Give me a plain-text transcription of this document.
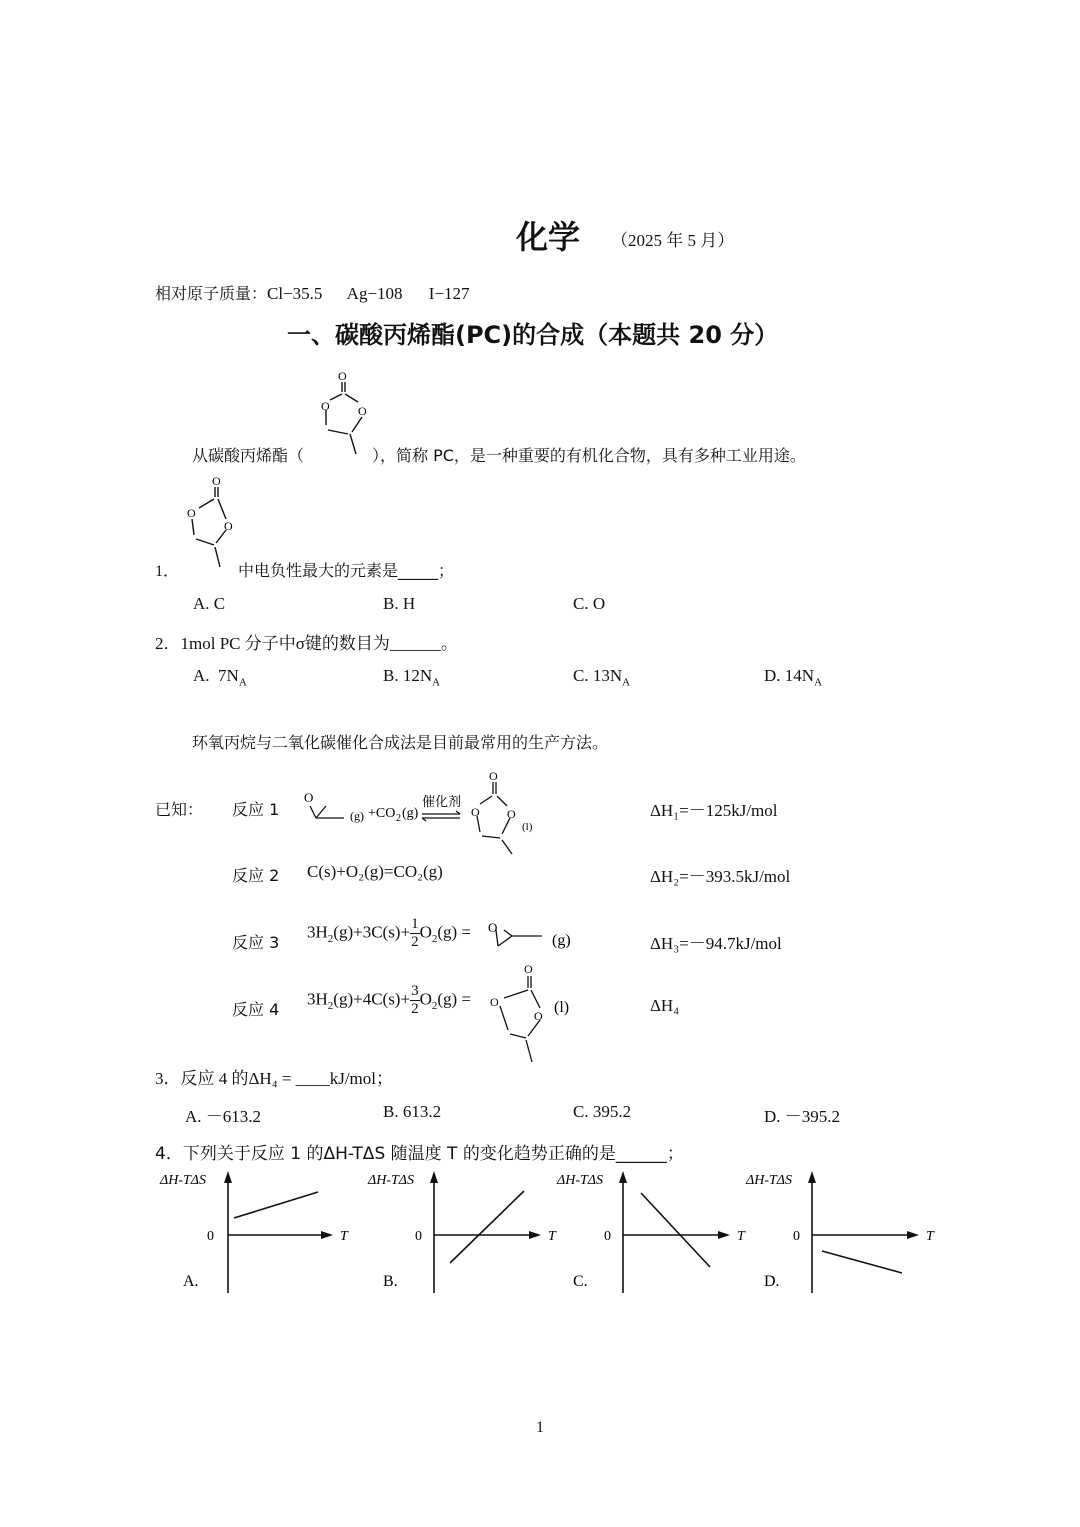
化学 （2025 年 5 月）
相对原子质量：Cl−35.5 Ag−108 I−127
一、碳酸丙烯酯(PC)的合成（本题共 20 分）
O
O O
从碳酸丙烯酯（	），简称 PC，是一种重要的有机化合物，具有多种工业用途。
O
O
O
1．	中电负性最大的元素是_____；
A. C	B. H	C. O
2．1mol PC 分子中σ键的数目为______。
A. $7N_A$	B. $12N_A$	C. $13N_A$	D. $14N_A$
环氧丙烷与二氧化碳催化合成法是目前最常用的生产方法。
已知： 反应 1
O
(g) +CO 2 (g)
催化剂
O
O O
(l)
ΔH₁=－125kJ/mol
反应 2 C(s)+O₂(g)=CO₂(g)	ΔH₂=－393.5kJ/mol
反应 3
$3H_2(g)+3C(s)+ \frac{1}{2} O_2(g) = O$
(g)	ΔH₃=－94.7kJ/mol
反应 4
$3H_2(g)+4C(s)+ \frac{3}{2} O_2(g)$ =
O
O
O (l)	ΔH₄
3．反应 4 的ΔH₄ = ____kJ/mol；
A. －613.2	B. 613.2	C. 395.2	D. －395.2
4．下列关于反应 1 的ΔH-TΔS 随温度 T 的变化趋势正确的是______；
ΔH-TΔS
0	T
A.
ΔH-TΔS
0	T
B.
ΔH-TΔS
0	T
C.
ΔH-TΔS
0	T
D.
1
